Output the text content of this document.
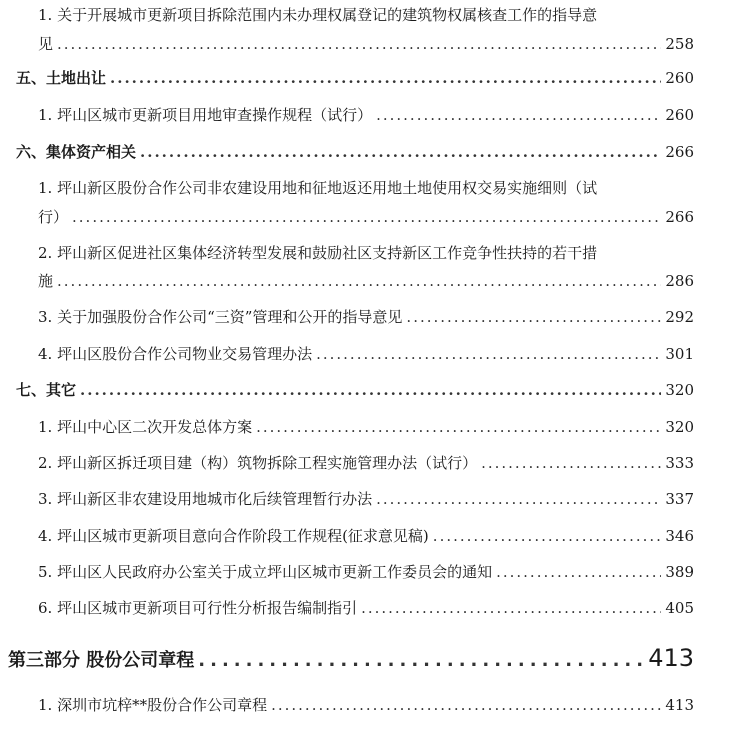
1. 关于开展城市更新项目拆除范围内未办理权属登记的建筑物权属核查工作的指导意
见 .....	258
五、土地出让 .....	260
1. 坪山区城市更新项目用地审查操作规程（试行） .....	260
六、集体资产相关 .....	266
1. 坪山新区股份合作公司非农建设用地和征地返还用地土地使用权交易实施细则（试
行） .....	266
2. 坪山新区促进社区集体经济转型发展和鼓励社区支持新区工作竞争性扶持的若干措
施 .....	286
3. 关于加强股份合作公司“三资”管理和公开的指导意见 .....	292
4. 坪山区股份合作公司物业交易管理办法 .....	301
七、其它 .....	320
1. 坪山中心区二次开发总体方案 .....	320
2. 坪山新区拆迁项目建（构）筑物拆除工程实施管理办法（试行） .....	333
3. 坪山新区非农建设用地城市化后续管理暂行办法 .....	337
4. 坪山区城市更新项目意向合作阶段工作规程(征求意见稿) .....	346
5. 坪山区人民政府办公室关于成立坪山区城市更新工作委员会的通知 .....	389
6. 坪山区城市更新项目可行性分析报告编制指引 .....	405
第三部分 股份公司章程 .....	413
1. 深圳市坑梓**股份合作公司章程 .....	413
